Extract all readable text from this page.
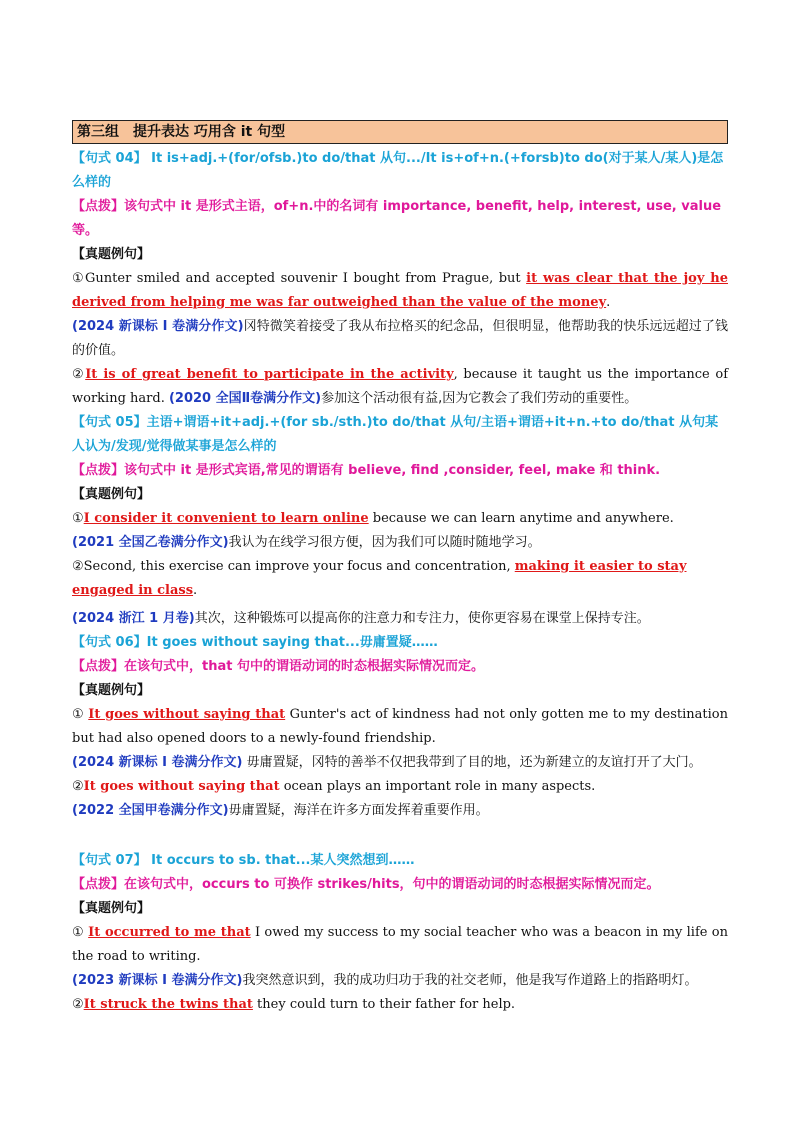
第三组　提升表达 巧用含 it 句型

【句式 04】 It is+adj.+(for/ofsb.)to do/that 从句.../It is+of+n.(+forsb)to do(对于某人/某人)是怎么样的

【点拨】该句式中 it 是形式主语，of+n.中的名词有 importance, benefit, help, interest, use, value 等。

【真题例句】

①Gunter smiled and accepted souvenir I bought from Prague, but it was clear that the joy he derived from helping me was far outweighed than the value of the money.

(2024 新课标 I 卷满分作文)冈特微笑着接受了我从布拉格买的纪念品，但很明显，他帮助我的快乐远远超过了钱的价值。

②It is of great benefit to participate in the activity, because it taught us the importance of working hard. (2020 全国Ⅱ卷满分作文)参加这个活动很有益,因为它教会了我们劳动的重要性。

【句式 05】主语+谓语+it+adj.+(for sb./sth.)to do/that 从句/主语+谓语+it+n.+to do/that 从句某人认为/发现/觉得做某事是怎么样的

【点拨】该句式中 it 是形式宾语,常见的谓语有 believe, find ,consider, feel, make 和 think.

【真题例句】

①I consider it convenient to learn online because we can learn anytime and anywhere.

(2021 全国乙卷满分作文)我认为在线学习很方便，因为我们可以随时随地学习。

②Second, this exercise can improve your focus and concentration, making it easier to stay engaged in class.

(2024 浙江 1 月卷)其次，这种锻炼可以提高你的注意力和专注力，使你更容易在课堂上保持专注。

【句式 06】It goes without saying that...毋庸置疑……

【点拨】在该句式中，that 句中的谓语动词的时态根据实际情况而定。

【真题例句】

① It goes without saying that Gunter's act of kindness had not only gotten me to my destination but had also opened doors to a newly-found friendship.

(2024 新课标 I 卷满分作文) 毋庸置疑，冈特的善举不仅把我带到了目的地，还为新建立的友谊打开了大门。

②It goes without saying that ocean plays an important role in many aspects.

(2022 全国甲卷满分作文)毋庸置疑，海洋在许多方面发挥着重要作用。

【句式 07】 It occurs to sb. that...某人突然想到……

【点拨】在该句式中，occurs to 可换作 strikes/hits，句中的谓语动词的时态根据实际情况而定。

【真题例句】

① It occurred to me that I owed my success to my social teacher who was a beacon in my life on the road to writing.

(2023 新课标 I 卷满分作文)我突然意识到，我的成功归功于我的社交老师，他是我写作道路上的指路明灯。

②It struck the twins that they could turn to their father for help.
